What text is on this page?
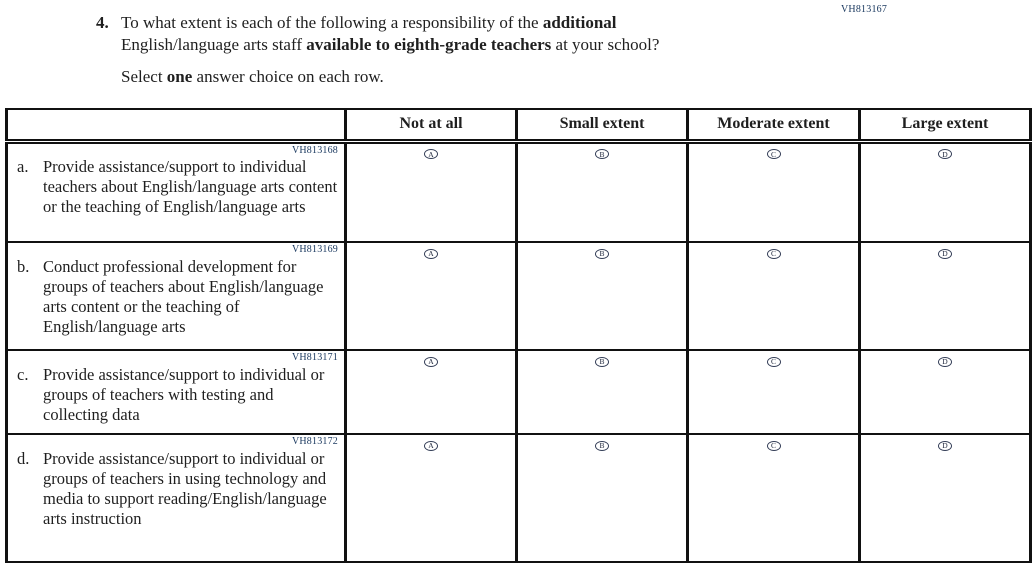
VH813167
4. To what extent is each of the following a responsibility of the additional English/language arts staff available to eighth-grade teachers at your school?
Select one answer choice on each row.
	Not at all	Small extent	Moderate extent	Large extent

VH813168
a. Provide assistance/support to individual teachers about English/language arts content or the teaching of English/language arts	A	B	C	D

VH813169
b. Conduct professional development for groups of teachers about English/language arts content or the teaching of English/language arts	A	B	C	D

VH813171
c. Provide assistance/support to individual or groups of teachers with testing and collecting data	A	B	C	D

VH813172
d. Provide assistance/support to individual or groups of teachers in using technology and media to support reading/English/language arts instruction	A	B	C	D
